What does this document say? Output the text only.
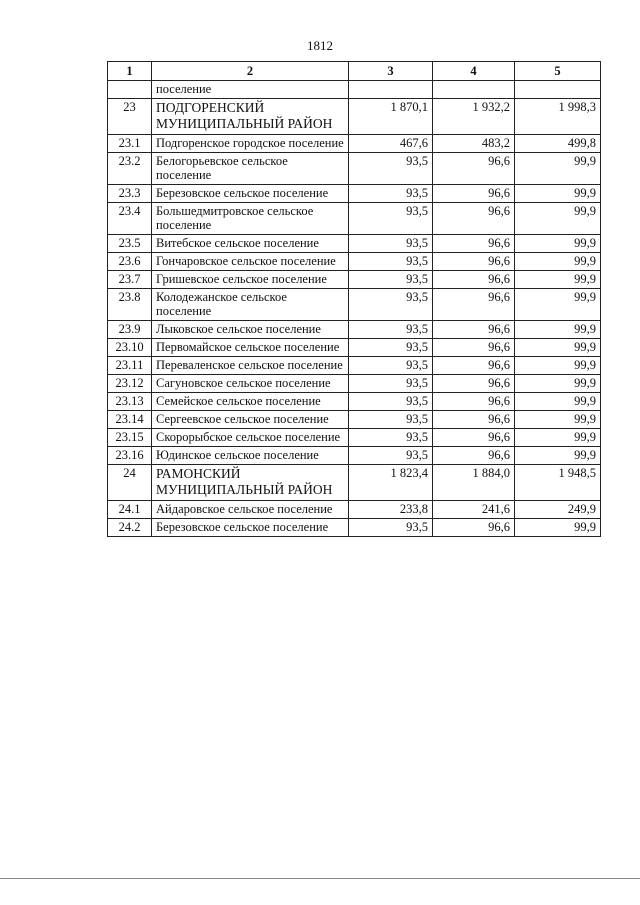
1812
1	2	3	4	5
	поселение			
23	ПОДГОРЕНСКИЙ МУНИЦИПАЛЬНЫЙ РАЙОН	1 870,1	1 932,2	1 998,3
23.1	Подгоренское городское поселение	467,6	483,2	499,8
23.2	Белогорьевское сельское поселение	93,5	96,6	99,9
23.3	Березовское сельское поселение	93,5	96,6	99,9
23.4	Большедмитровское сельское поселение	93,5	96,6	99,9
23.5	Витебское сельское поселение	93,5	96,6	99,9
23.6	Гончаровское сельское поселение	93,5	96,6	99,9
23.7	Гришевское сельское поселение	93,5	96,6	99,9
23.8	Колодежанское сельское поселение	93,5	96,6	99,9
23.9	Лыковское сельское поселение	93,5	96,6	99,9
23.10	Первомайское сельское поселение	93,5	96,6	99,9
23.11	Переваленское сельское поселение	93,5	96,6	99,9
23.12	Сагуновское сельское поселение	93,5	96,6	99,9
23.13	Семейское сельское поселение	93,5	96,6	99,9
23.14	Сергеевское сельское поселение	93,5	96,6	99,9
23.15	Скорорыбское сельское поселение	93,5	96,6	99,9
23.16	Юдинское сельское поселение	93,5	96,6	99,9
24	РАМОНСКИЙ МУНИЦИПАЛЬНЫЙ РАЙОН	1 823,4	1 884,0	1 948,5
24.1	Айдаровское сельское поселение	233,8	241,6	249,9
24.2	Березовское сельское поселение	93,5	96,6	99,9
